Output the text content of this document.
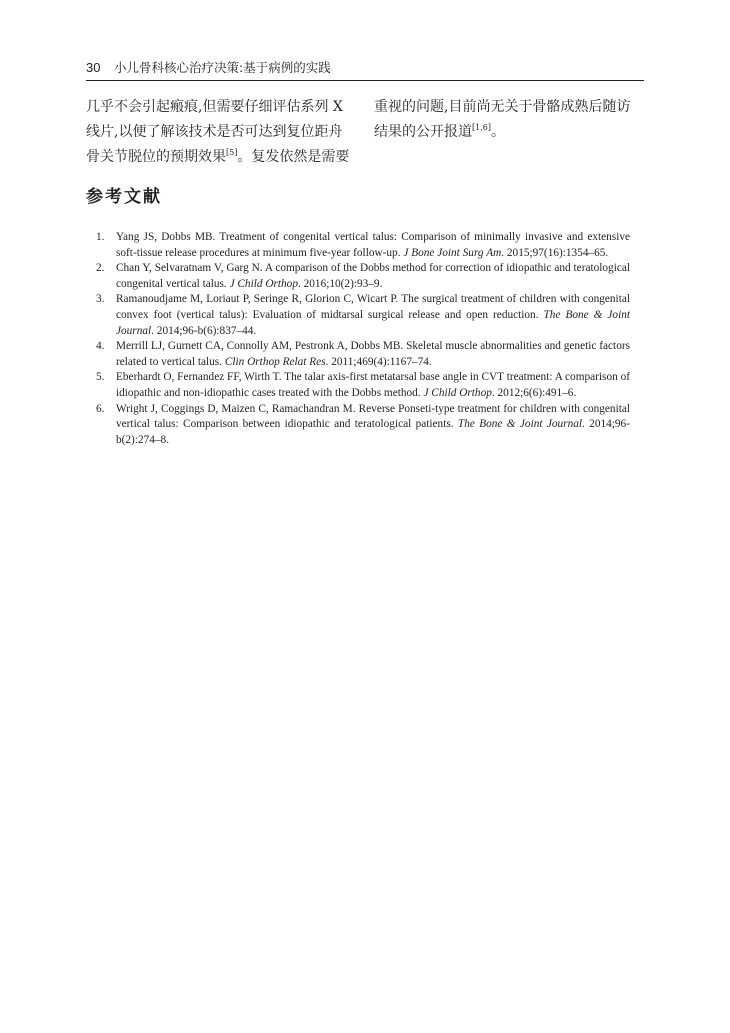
30 小儿骨科核心治疗决策:基于病例的实践
几乎不会引起瘢痕,但需要仔细评估系列 X
线片,以便了解该技术是否可达到复位距舟
骨关节脱位的预期效果[5]。复发依然是需要
重视的问题,目前尚无关于骨骼成熟后随访
结果的公开报道[1,6]。
参考文献
1. Yang JS, Dobbs MB. Treatment of congenital vertical talus: Comparison of minimally invasive and extensive soft-tissue release procedures at minimum five-year follow-up. J Bone Joint Surg Am. 2015;97(16):1354–65.
2. Chan Y, Selvaratnam V, Garg N. A comparison of the Dobbs method for correction of idiopathic and teratological congenital vertical talus. J Child Orthop. 2016;10(2):93–9.
3. Ramanoudjame M, Loriaut P, Seringe R, Glorion C, Wicart P. The surgical treatment of children with congenital convex foot (vertical talus): Evaluation of midtarsal surgical release and open reduction. The Bone & Joint Journal. 2014;96-b(6):837–44.
4. Merrill LJ, Gurnett CA, Connolly AM, Pestronk A, Dobbs MB. Skeletal muscle abnormalities and genetic factors related to vertical talus. Clin Orthop Relat Res. 2011;469(4):1167–74.
5. Eberhardt O, Fernandez FF, Wirth T. The talar axis-first metatarsal base angle in CVT treatment: A comparison of idiopathic and non-idiopathic cases treated with the Dobbs method. J Child Orthop. 2012;6(6):491–6.
6. Wright J, Coggings D, Maizen C, Ramachandran M. Reverse Ponseti-type treatment for children with congenital vertical talus: Comparison between idiopathic and teratological patients. The Bone & Joint Journal. 2014;96-b(2):274–8.
